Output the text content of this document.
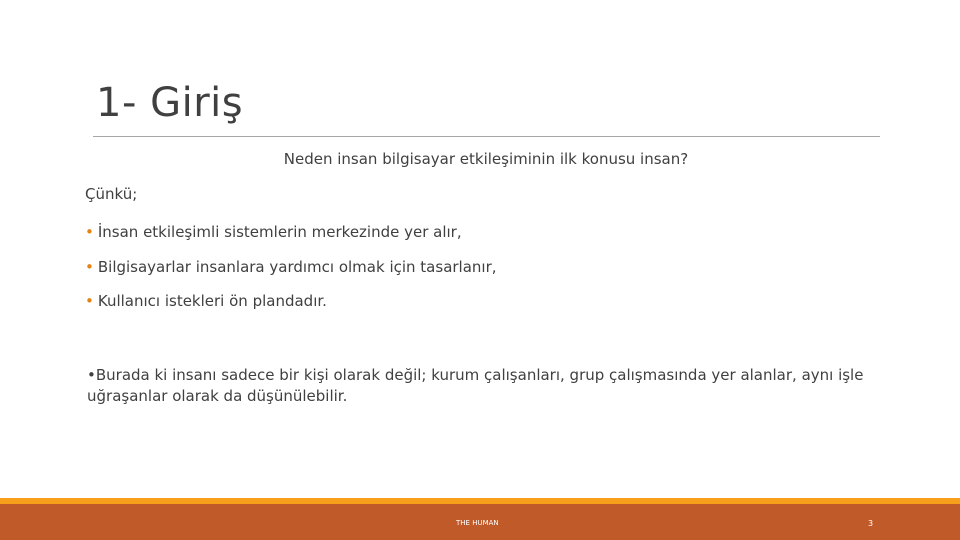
1- Giriş
Neden insan bilgisayar etkileşiminin ilk konusu insan?
Çünkü;
• İnsan etkileşimli sistemlerin merkezinde yer alır,
• Bilgisayarlar insanlara yardımcı olmak için tasarlanır,
• Kullanıcı istekleri ön plandadır.
•Burada ki insanı sadece bir kişi olarak değil; kurum çalışanları, grup çalışmasında yer alanlar, aynı işle uğraşanlar olarak da düşünülebilir.
THE HUMAN	3
